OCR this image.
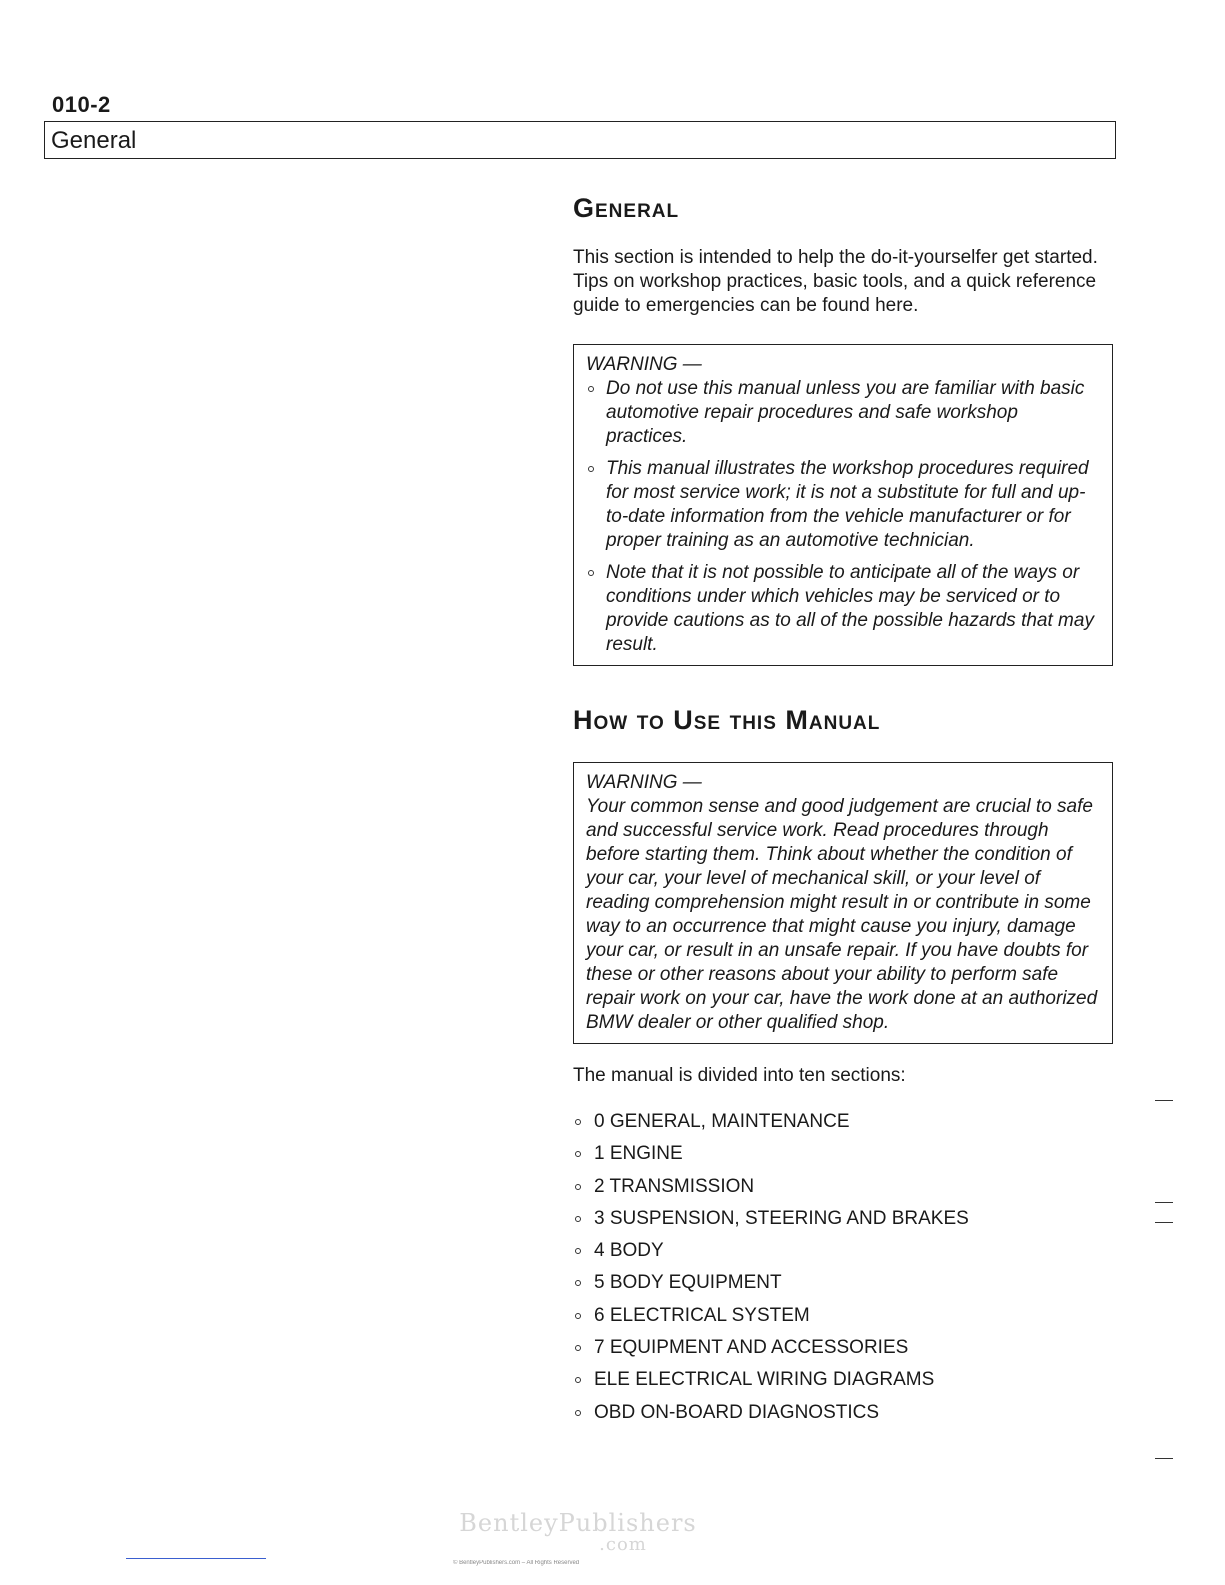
010-2
General
General

This section is intended to help the do-it-yourselfer get started. Tips on workshop practices, basic tools, and a quick reference guide to emergencies can be found here.

WARNING —
Do not use this manual unless you are familiar with basic automotive repair procedures and safe workshop practices.
This manual illustrates the workshop procedures required for most service work; it is not a substitute for full and up-to-date information from the vehicle manufacturer or for proper training as an automotive technician.
Note that it is not possible to anticipate all of the ways or conditions under which vehicles may be serviced or to provide cautions as to all of the possible hazards that may result.
How to Use this Manual
WARNING —
Your common sense and good judgement are crucial to safe and successful service work. Read procedures through before starting them. Think about whether the condition of your car, your level of mechanical skill, or your level of reading comprehension might result in or contribute in some way to an occurrence that might cause you injury, damage your car, or result in an unsafe repair. If you have doubts for these or other reasons about your ability to perform safe repair work on your car, have the work done at an authorized BMW dealer or other qualified shop.

The manual is divided into ten sections:

0 GENERAL, MAINTENANCE
1 ENGINE
2 TRANSMISSION
3 SUSPENSION, STEERING AND BRAKES
4 BODY
5 BODY EQUIPMENT
6 ELECTRICAL SYSTEM
7 EQUIPMENT AND ACCESSORIES
ELE ELECTRICAL WIRING DIAGRAMS
OBD ON-BOARD DIAGNOSTICS
BentleyPublishers
.com
© BentleyPublishers.com – All Rights Reserved
